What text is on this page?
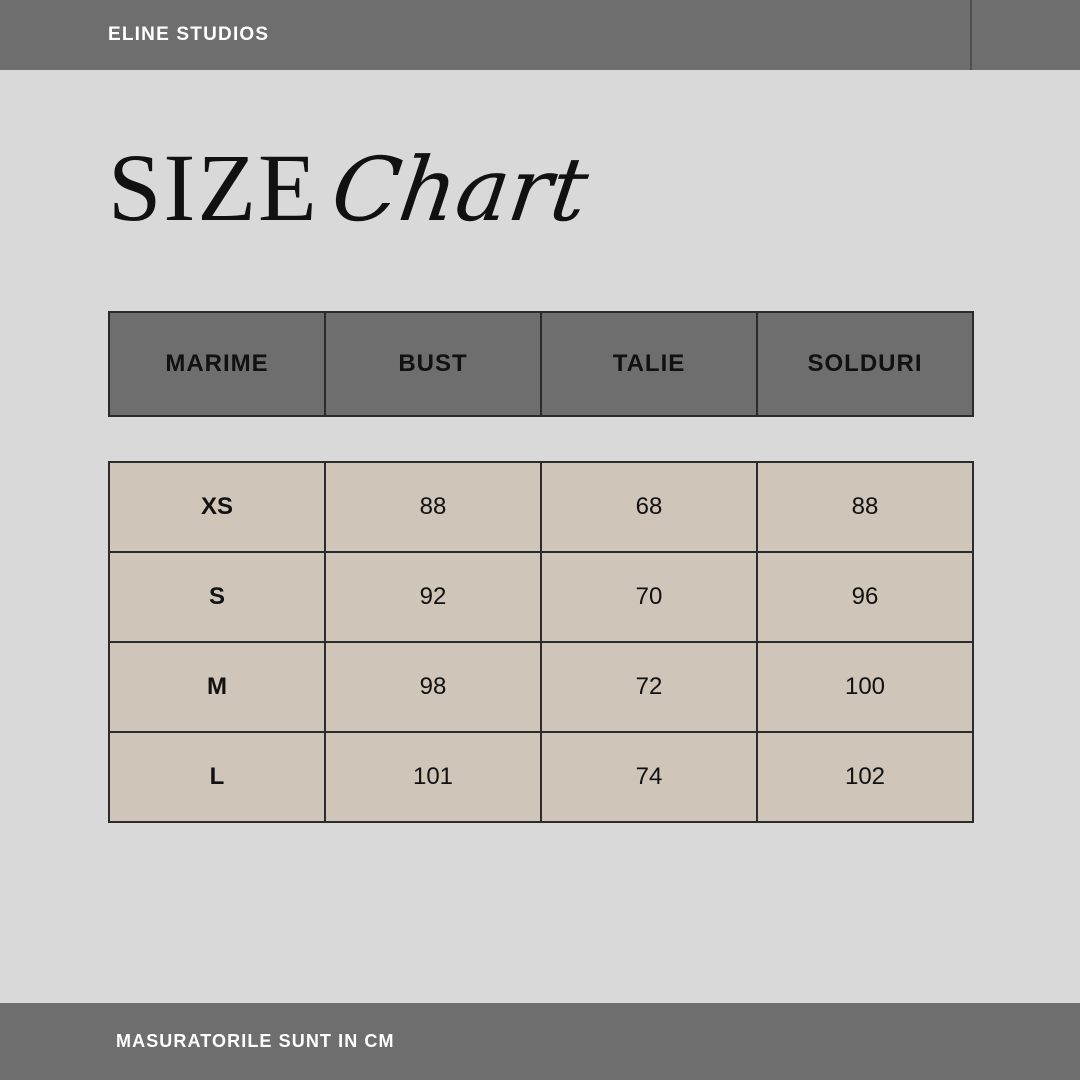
ELINE STUDIOS
SIZE Chart
MARIME	BUST	TALIE	SOLDURI
XS	88	68	88
S	92	70	96
M	98	72	100
L	101	74	102
MASURATORILE SUNT IN CM
